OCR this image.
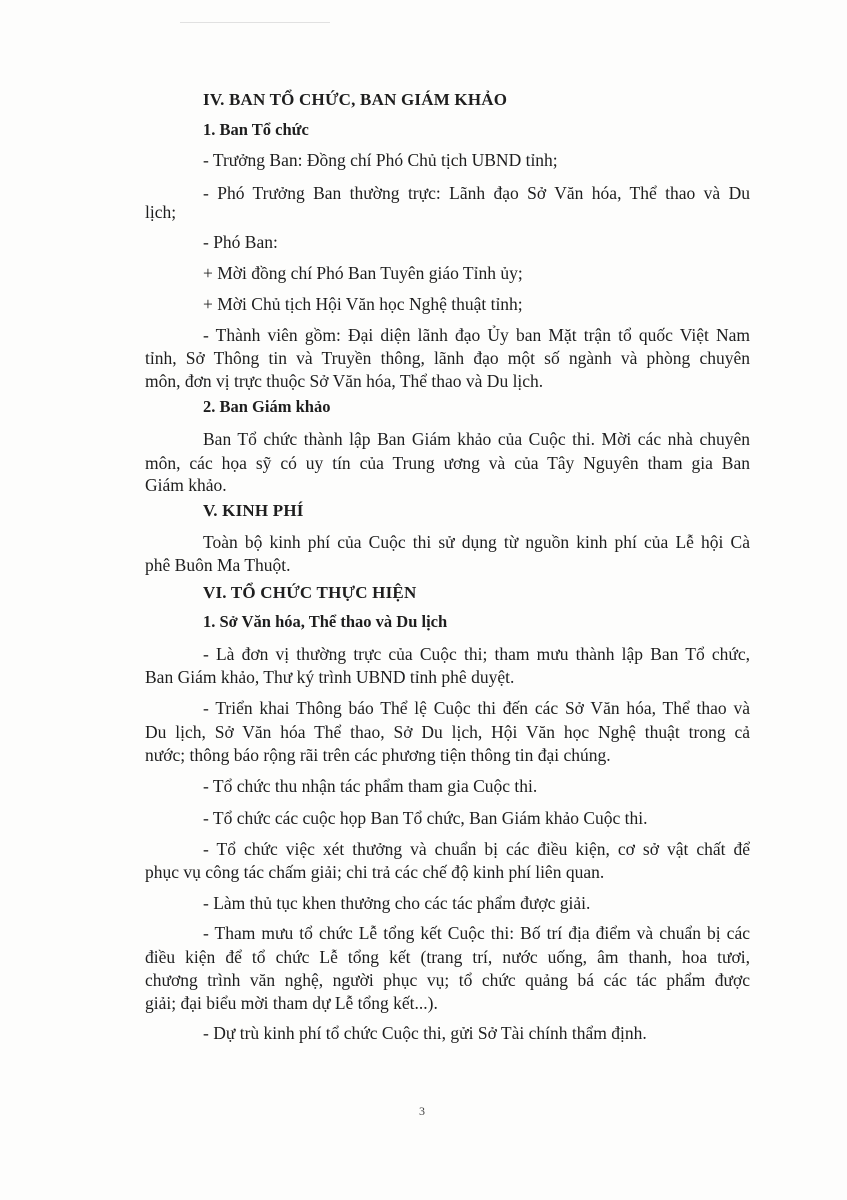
IV. BAN TỔ CHỨC, BAN GIÁM KHẢO
1. Ban Tổ chức
- Trưởng Ban: Đồng chí Phó Chủ tịch UBND tỉnh;
- Phó Trưởng Ban thường trực: Lãnh đạo Sở Văn hóa, Thể thao và Du
lịch;
- Phó Ban:
+ Mời đồng chí Phó Ban Tuyên giáo Tỉnh ủy;
+ Mời Chủ tịch Hội Văn học Nghệ thuật tỉnh;
- Thành viên gồm: Đại diện lãnh đạo Ủy ban Mặt trận tổ quốc Việt Nam
tỉnh, Sở Thông tin và Truyền thông, lãnh đạo một số ngành và phòng chuyên
môn, đơn vị trực thuộc Sở Văn hóa, Thể thao và Du lịch.
2. Ban Giám khảo
Ban Tổ chức thành lập Ban Giám khảo của Cuộc thi. Mời các nhà chuyên
môn, các họa sỹ có uy tín của Trung ương và của Tây Nguyên tham gia Ban
Giám khảo.
V. KINH PHÍ
Toàn bộ kinh phí của Cuộc thi sử dụng từ nguồn kinh phí của Lễ hội Cà
phê Buôn Ma Thuột.
VI. TỔ CHỨC THỰC HIỆN
1. Sở Văn hóa, Thể thao và Du lịch
- Là đơn vị thường trực của Cuộc thi; tham mưu thành lập Ban Tổ chức,
Ban Giám khảo, Thư ký trình UBND tỉnh phê duyệt.
- Triển khai Thông báo Thể lệ Cuộc thi đến các Sở Văn hóa, Thể thao và
Du lịch, Sở Văn hóa Thể thao, Sở Du lịch, Hội Văn học Nghệ thuật trong cả
nước; thông báo rộng rãi trên các phương tiện thông tin đại chúng.
- Tổ chức thu nhận tác phẩm tham gia Cuộc thi.
- Tổ chức các cuộc họp Ban Tổ chức, Ban Giám khảo Cuộc thi.
- Tổ chức việc xét thưởng và chuẩn bị các điều kiện, cơ sở vật chất để
phục vụ công tác chấm giải; chi trả các chế độ kinh phí liên quan.
- Làm thủ tục khen thưởng cho các tác phẩm được giải.
- Tham mưu tổ chức Lễ tổng kết Cuộc thi: Bố trí địa điểm và chuẩn bị các
điều kiện để tổ chức Lễ tổng kết (trang trí, nước uống, âm thanh, hoa tươi,
chương trình văn nghệ, người phục vụ; tổ chức quảng bá các tác phẩm được
giải; đại biểu mời tham dự Lễ tổng kết...).
- Dự trù kinh phí tổ chức Cuộc thi, gửi Sở Tài chính thẩm định.
3
